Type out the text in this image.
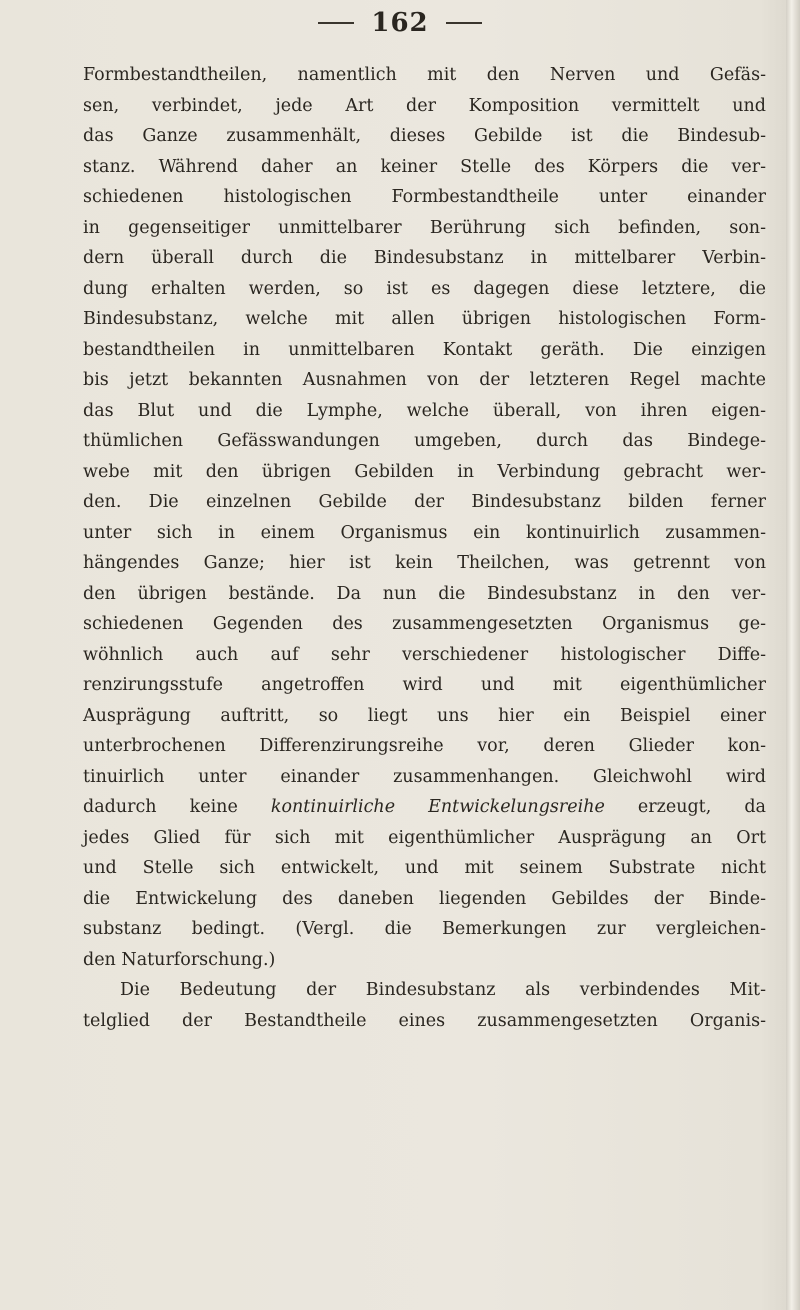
162
Formbestandtheilen, namentlich mit den Nerven und Gefäs-
sen, verbindet, jede Art der Komposition vermittelt und
das Ganze zusammenhält, dieses Gebilde ist die Bindesub-
stanz. Während daher an keiner Stelle des Körpers die ver-
schiedenen histologischen Formbestandtheile unter einander
in gegenseitiger unmittelbarer Berührung sich befinden, son-
dern überall durch die Bindesubstanz in mittelbarer Verbin-
dung erhalten werden, so ist es dagegen diese letztere, die
Bindesubstanz, welche mit allen übrigen histologischen Form-
bestandtheilen in unmittelbaren Kontakt geräth. Die einzigen
bis jetzt bekannten Ausnahmen von der letzteren Regel machte
das Blut und die Lymphe, welche überall, von ihren eigen-
thümlichen Gefässwandungen umgeben, durch das Bindege-
webe mit den übrigen Gebilden in Verbindung gebracht wer-
den. Die einzelnen Gebilde der Bindesubstanz bilden ferner
unter sich in einem Organismus ein kontinuirlich zusammen-
hängendes Ganze; hier ist kein Theilchen, was getrennt von
den übrigen bestände. Da nun die Bindesubstanz in den ver-
schiedenen Gegenden des zusammengesetzten Organismus ge-
wöhnlich auch auf sehr verschiedener histologischer Diffe-
renzirungsstufe angetroffen wird und mit eigenthümlicher
Ausprägung auftritt, so liegt uns hier ein Beispiel einer
unterbrochenen Differenzirungsreihe vor, deren Glieder kon-
tinuirlich unter einander zusammenhangen. Gleichwohl wird
dadurch keine kontinuirliche Entwickelungsreihe erzeugt, da
jedes Glied für sich mit eigenthümlicher Ausprägung an Ort
und Stelle sich entwickelt, und mit seinem Substrate nicht
die Entwickelung des daneben liegenden Gebildes der Binde-
substanz bedingt. (Vergl. die Bemerkungen zur vergleichen-
den Naturforschung.)
Die Bedeutung der Bindesubstanz als verbindendes Mit-
telglied der Bestandtheile eines zusammengesetzten Organis-
